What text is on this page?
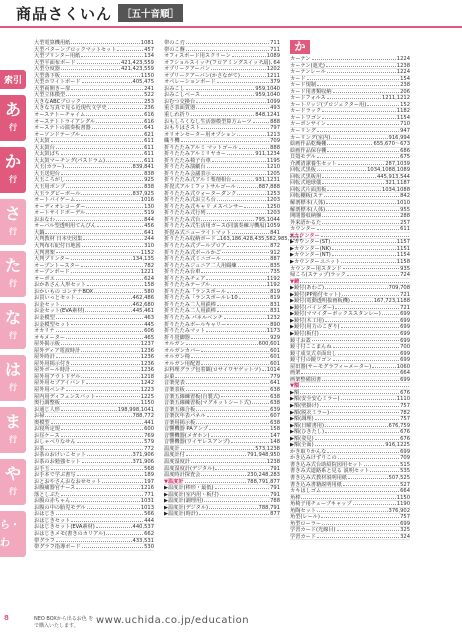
商品さくいん	［五十音順］
索引
あ
行
か
行
さ
行
た
行
な
行
は
行
ま
行
や
行
ら・わ
行
大型電算機用紙	1081
大型パターンブロックマットセット	457
大型プリンター用紙	134
大型平面布ボード	421,423,559
大型分度器	421,423,559
大型落下板	1150
大型ホワイトボード	405,475
大型両開きー扉	241
大型立体模型	522
大きなABCブロック	253
大きな写真で見る近現代文学史	236
オーステトーチャイム	616
オーステトトライアングル	616
オーステトの演奏板書器	641
オーソンドテーブル	621
大太鼓	611
大太鼓台	611
大太鼓ばち	611
大太鼓マーチング(パスドラム)	611
大玉(カラー)	839,841
大玉送迎台	838
大玉ころがし	925
大玉用ポンプ	838
大玉ラグビーボール	837,925
オートバイゲーム	1016
オーディオレコーダー	130
オートサイドボーデル	519
おおなわ	844
オーバル型透明用てんびん	456
大鍋	641
大判教材 日本史図集	244
大判布石紀付日地図	310
大判書架	1152
大判プリンター	134,135
オープントースター	782
オープンボード	1221
オーボエ	624
おかあさん人形セット	158
おかいもの コンテナBOX	580
お買いっとセット	462,486
お金セット	462,680
お金セット(EVA素材)	445,461
お金模型	463
お金模型セット	445
オカリナ	606
オキメーター	465
屋外掲示板	1237
屋外ディア電波時計	1236
屋外時計	1236
屋外用掲示付き	1236
屋外ボール時計	1236
屋外用アウトドゲル	1218
屋外用セブアイバンド	1242
屋外用ベンチ	1223
屋内用ディフェンスバット	1225
奥行調整板	1150
お通じ人形	198,998,1041
お掃	788,772
奥模型	441
お寝所定規	600
お昼ケース	769
おしゃべりなせん	579
お茶	772
お茶のおけいこセット	371,906
お茶のお勉強セット	371,906
お手玉	568
お手本で学ぶ書写	189
おとおやさんおなおせセット	197
お腹痛器官ナース	1216
落としぶた	771
お腹の赤ちゃん	1031
お腹の中の胎児モデル	1013
おはじき	566
おはじきセット	444
おはじきセット(EVA素材)	440,537
おはじきメモ(書きのカリアル)	662
帯グラフ	433,531
帯グラフ指導ボード	530
帯のこ刃	711
帯のこ盤	711
オフィスポード用スクリーン	1089
オフショルスイッチ(フロアミングスイッチ用) 64
オプリークアーバン	1202
オプリークアーバン(かさながて)	1211
オペレーションボード	379
おみこし	959,1040
おみこしベース	959,1040
おむつ交換台	1099
重さ表面質器	493
重しれ折り	848,1241
おもしろくなし生活器模型算方ムーツ	888
おもりはさスト	797
オリオンセーター用オプション	1213
織り機	709
折りたたみアルミ マットゴール	888
折りたたみアルミリヤカー	911,1234
折りたたみ椅子台車	1195
折りたたみ演劇台	1210
折りたたみ会議表示	1205
折りたたみ式アルミ梨剤相台	931,1231
折畳式アルミフットサルゴール	887,888
折りたたみ式ウォーターダンク	1253
折りたたみ式お立ち台	1203
折りたたみ式キャリ メスペンサー	1250
折りたたみ式行列	1203
折りたたみ式台	795,1044
折りたたみ式生活用ガース(同演奏練习機用) 1059
折畳み式ニューライトマット	841
折りたたみ収納ボード 163,186,428,435,582,985,1031
折りたたみ式プールプロア	872
折りたたみ式ボールかご	912
折りたたみ式ミニゴール	887
折りたたみジュニア二人用綴練	835
折りたたみ台車	735
折りたたみチェア	1192
折りたたみテーブル	1192
折りたたみ「ランスポール	819
折りたたみ「ランスポールレ10	819
折りたたみ二人用鉄棒	831
折りたたみ二人用鉄棒	831
折りたたみ パネルベンチ	1232
折りたたみボールキャリー	890
折りたたみマット	1173
折り畳脚器	929
オルガン	600,601
オルガンカバー	601
オルガン椅	601
オルガン用配置	601
お料理グラブ包着観(ロサイワヤゲットツ) 1014
お菓	779
音楽発表	641
音楽表板	638
音楽五線練習板(自製式)	638
音楽五線練習板(マグネットシート式)	638
音楽五線合板	639
音楽次年表パネル	607
音楽用掲示板	638
音響機器 PAアンプ	158
音響機器(メガホン)	147
音響機器(ワイヤレスアンプ)	148
温度計	573,1238
温度計付	791,948,950
温度湿度計	1238
温度湿度計(デジタル)	791
温度時計探査会	230,248,283
▼温度計	788,791,877
▶温度計(棒形・最低)	791
▶温度計(室内用・板付)	791
▶温度計(調理用)	788
▶温度計(デジタル)	788,791
▶温度計(時計)	877
か
カーテン	1224
カーテン(遮光)	1238
カーテンレール	1224
カード	154
カード規制	238
カード用書類収納	206
カードフォルス	1211,1212
カートリッジ(プロジェクター用)	152
カードラック	1182
カートワゴン	1154
カーボンサイン	710
カーリング	947
カーリング(室内)	916,994
絵画作品乾燥棚	655,670〜673
絵画作品保存棚	686
貝殻モデル	675
介護清潔養生セット	287,1039
回転式黒板	1034,1088,1089
回転式黒板用	445,913,544
回転式地球儀	321,1187
回転式片面黒板	1034,1088
回転棚板(ステ	842
解剖標本(人体)	1010
解剖標本(人体)	955
開閉器収納盤	288
外来語かるた	257
カウンター	611
▼カウンター
▶カウンター(ST)	1157
▶カウンター(NK)	1151
▶カウンター(NT)	1154
▶カウンターユニット	1158
カウンター用スタンド	935
帰ころ(ステップ)ラック	724
▼鏡
▶鏡付(あわご)	709,708
▶鏡付(PP箱付セット)	721
▶鏡付(電動透明抜画板機)	167,723,1188
▶鏡付(バインダー)	721
▶鏡付(ママイダーボックススタンレー)	699
▶鏡付(木工用)	699
▶鏡付(用力のこぎり)	699
▶鏡付(板付)	699
鏡寸お蓋	699
鏡寸付ここまんね	700
鏡寸成気式卓面出し	699
鏡寸付の鏡ワゴン	699
屋田器(サーモグラフィーメーター)	1060
画架	664
画架整備図書	699
▼額
▶額	676
▶額(安全安心ミラー)	1110
▶額(壁掛け)	757
▶額(脱衣ミラー)	782
▶額(調理)	757
▶額(日曜書用)	676,759
▶額(ひきたし)	676
▶額(姿見)	676
▶額(全面)	916,1225
かき取りかんな	699
かき込みけずりこの	709
書き込み式台助紹院図用セット	515
書きみ式道路系と見る 説明セット	535
書き込み式教材説明用紙	507,525
書き込み書籍説明用紙	527
カキはしゴム	664
角棒	1150
角椅子用チューブキャップ	1190
角陶セット	376,902
角型(レール)	757
角型ローラー	699
学習カード(光線目)	325
学習カード	324
8	NEO BOXから出るお色 をで購入いたします。	www.uchida.co.jp/education
